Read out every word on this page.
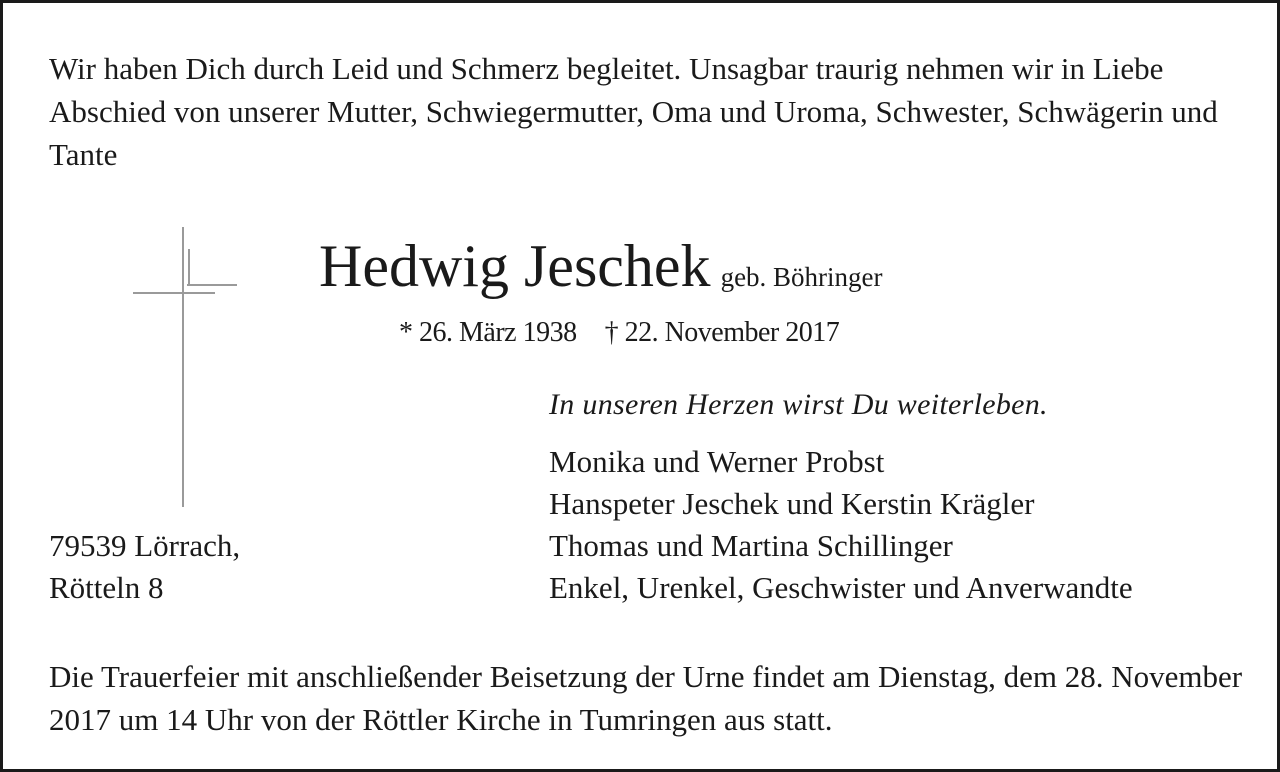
Wir haben Dich durch Leid und Schmerz begleitet. Unsagbar traurig nehmen wir in Liebe Abschied von unserer Mutter, Schwiegermutter, Oma und Uroma, Schwester, Schwägerin und Tante

Hedwig Jeschek geb. Böhringer
* 26. März 1938 † 22. November 2017
In unseren Herzen wirst Du weiterleben.
Monika und Werner Probst
Hanspeter Jeschek und Kerstin Krägler
Thomas und Martina Schillinger
Enkel, Urenkel, Geschwister und Anverwandte
79539 Lörrach,
Rötteln 8

Die Trauerfeier mit anschließender Beisetzung der Urne findet am Dienstag, dem 28. November 2017 um 14 Uhr von der Röttler Kirche in Tumringen aus statt.
